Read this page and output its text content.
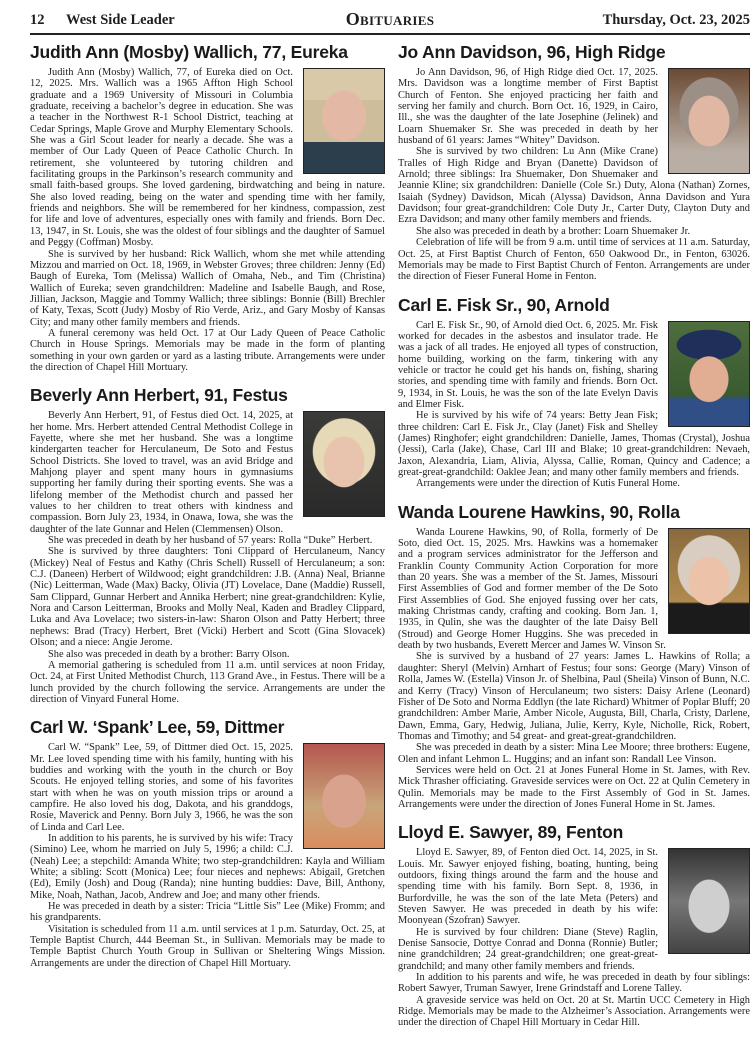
12 West Side Leader	Obituaries	Thursday, Oct. 23, 2025
Judith Ann (Mosby) Wallich, 77, Eureka

Judith Ann (Mosby) Wallich, 77, of Eureka died on Oct. 12, 2025. Mrs. Wallich was a 1965 Affton High School graduate and a 1969 University of Missouri in Columbia graduate, receiving a bachelor’s degree in education. She was a teacher in the Northwest R-1 School District, teaching at Cedar Springs, Maple Grove and Murphy Elementary Schools. She was a Girl Scout leader for nearly a decade. She was a member of Our Lady Queen of Peace Catholic Church. In retirement, she volunteered by tutoring children and facilitating groups in the Parkinson’s research community and small faith-based groups. She loved gardening, birdwatching and being in nature. She also loved reading, being on the water and spending time with her family, friends and neighbors. She will be remembered for her kindness, compassion, zest for life and love of adventures, especially ones with family and friends. Born Dec. 13, 1947, in St. Louis, she was the oldest of four siblings and the daughter of Samuel and Peggy (Coffman) Mosby.

She is survived by her husband: Rick Wallich, whom she met while attending Mizzou and married on Oct. 18, 1969, in Webster Groves; three children: Jenny (Ed) Baugh of Eureka, Tom (Melissa) Wallich of Omaha, Neb., and Tim (Christina) Wallich of Eureka; seven grandchildren: Madeline and Isabelle Baugh, and Rose, Jillian, Jackson, Maggie and Tommy Wallich; three siblings: Bonnie (Bill) Brechler of Katy, Texas, Scott (Judy) Mosby of Rio Verde, Ariz., and Gary Mosby of Kansas City; and many other family members and friends.

A funeral ceremony was held Oct. 17 at Our Lady Queen of Peace Catholic Church in House Springs. Memorials may be made in the form of planting something in your own garden or yard as a lasting tribute. Arrangements were under the direction of Chapel Hill Mortuary.

Beverly Ann Herbert, 91, Festus

Beverly Ann Herbert, 91, of Festus died Oct. 14, 2025, at her home. Mrs. Herbert attended Central Methodist College in Fayette, where she met her husband. She was a longtime kindergarten teacher for Herculaneum, De Soto and Festus School Districts. She loved to travel, was an avid Bridge and Mahjong player and spent many hours in gymnasiums supporting her family during their sporting events. She was a lifelong member of the Methodist church and passed her values to her children to treat others with kindness and compassion. Born July 23, 1934, in Onawa, Iowa, she was the daughter of the late Gunnar and Helen (Clemmensen) Olson.

She was preceded in death by her husband of 57 years: Rolla “Duke” Herbert.

She is survived by three daughters: Toni Clippard of Herculaneum, Nancy (Mickey) Neal of Festus and Kathy (Chris Schell) Russell of Herculaneum; a son: C.J. (Daneen) Herbert of Wildwood; eight grandchildren: J.B. (Anna) Neal, Brianne (Nic) Leitterman, Wade (Max) Backy, Olivia (JT) Lovelace, Dane (Maddie) Russell, Sam Clippard, Gunnar Herbert and Annika Herbert; nine great-grandchildren: Kylie, Nora and Carson Leitterman, Brooks and Molly Neal, Kaden and Bradley Clippard, Luka and Ava Lovelace; two sisters-in-law: Sharon Olson and Patty Herbert; three nephews: Brad (Tracy) Herbert, Bret (Vicki) Herbert and Scott (Gina Slovacek) Olson; and a niece: Angie Jerome.

She also was preceded in death by a brother: Barry Olson.

A memorial gathering is scheduled from 11 a.m. until services at noon Friday, Oct. 24, at First United Methodist Church, 113 Grand Ave., in Festus. There will be a lunch provided by the church following the service. Arrangements are under the direction of Vinyard Funeral Home.

Carl W. ‘Spank’ Lee, 59, Dittmer

Carl W. “Spank” Lee, 59, of Dittmer died Oct. 15, 2025. Mr. Lee loved spending time with his family, hunting with his buddies and working with the youth in the church or Boy Scouts. He enjoyed telling stories, and some of his favorites start with when he was on youth mission trips or around a campfire. He also loved his dog, Dakota, and his granddogs, Rosie, Maverick and Penny. Born July 3, 1966, he was the son of Linda and Carl Lee.

In addition to his parents, he is survived by his wife: Tracy (Simino) Lee, whom he married on July 5, 1996; a child: C.J. (Neah) Lee; a stepchild: Amanda White; two step-grandchildren: Kayla and William White; a sibling: Scott (Monica) Lee; four nieces and nephews: Abigail, Gretchen (Ed), Emily (Josh) and Doug (Randa); nine hunting buddies: Dave, Bill, Anthony, Mike, Noah, Nathan, Jacob, Andrew and Joe; and many other friends.

He was preceded in death by a sister: Tricia “Little Sis” Lee (Mike) Fromm; and his grandparents.

Visitation is scheduled from 11 a.m. until services at 1 p.m. Saturday, Oct. 25, at Temple Baptist Church, 444 Beeman St., in Sullivan. Memorials may be made to Temple Baptist Church Youth Group in Sullivan or Sheltering Wings Mission. Arrangements are under the direction of Chapel Hill Mortuary.

Jo Ann Davidson, 96, High Ridge

Jo Ann Davidson, 96, of High Ridge died Oct. 17, 2025. Mrs. Davidson was a longtime member of First Baptist Church of Fenton. She enjoyed practicing her faith and serving her family and church. Born Oct. 16, 1929, in Cairo, Ill., she was the daughter of the late Josephine (Jelinek) and Loarn Shuemaker Sr. She was preceded in death by her husband of 61 years: James “Whitey” Davidson.

She is survived by two children: Lu Ann (Mike Crane) Tralles of High Ridge and Bryan (Danette) Davidson of Arnold; three siblings: Ira Shuemaker, Don Shuemaker and Jeannie Kline; six grandchildren: Danielle (Cole Sr.) Duty, Alona (Nathan) Zornes, Isaiah (Sydney) Davidson, Micah (Alyssa) Davidson, Anna Davidson and Yura Davidson; four great-grandchildren: Cole Duty Jr., Carter Duty, Clayton Duty and Ezra Davidson; and many other family members and friends.

She also was preceded in death by a brother: Loarn Shuemaker Jr.

Celebration of life will be from 9 a.m. until time of services at 11 a.m. Saturday, Oct. 25, at First Baptist Church of Fenton, 650 Oakwood Dr., in Fenton, 63026. Memorials may be made to First Baptist Church of Fenton. Arrangements are under the direction of Fieser Funeral Home in Fenton.

Carl E. Fisk Sr., 90, Arnold

Carl E. Fisk Sr., 90, of Arnold died Oct. 6, 2025. Mr. Fisk worked for decades in the asbestos and insulator trade. He was a jack of all trades. He enjoyed all types of construction, home building, working on the farm, tinkering with any vehicle or tractor he could get his hands on, fishing, sharing stories, and spending time with family and friends. Born Oct. 9, 1934, in St. Louis, he was the son of the late Evelyn Davis and Elmer Fisk.

He is survived by his wife of 74 years: Betty Jean Fisk; three children: Carl E. Fisk Jr., Clay (Janet) Fisk and Shelley (James) Ringhofer; eight grandchildren: Danielle, James, Thomas (Crystal), Joshua (Jessi), Carla (Jake), Chase, Carl III and Blake; 10 great-grandchildren: Nevaeh, Jaxon, Alexandria, Liam, Alivia, Alyssa, Callie, Roman, Quincy and Cadence; a great-great-grandchild: Oaklee Jean; and many other family members and friends.

Arrangements were under the direction of Kutis Funeral Home.

Wanda Lourene Hawkins, 90, Rolla

Wanda Lourene Hawkins, 90, of Rolla, formerly of De Soto, died Oct. 15, 2025. Mrs. Hawkins was a homemaker and a program services administrator for the Jefferson and Franklin County Community Action Corporation for more than 20 years. She was a member of the St. James, Missouri First Assemblies of God and former member of the De Soto First Assemblies of God. She enjoyed fussing over her cats, making Christmas candy, crafting and cooking. Born Jan. 1, 1935, in Qulin, she was the daughter of the late Daisy Bell (Stroud) and George Homer Huggins. She was preceded in death by two husbands, Everett Mercer and James W. Vinson Sr.

She is survived by a husband of 27 years: James L. Hawkins of Rolla; a daughter: Sheryl (Melvin) Arnhart of Festus; four sons: George (Mary) Vinson of Rolla, James W. (Estella) Vinson Jr. of Shelbina, Paul (Sheila) Vinson of Bunn, N.C. and Kerry (Tracy) Vinson of Herculaneum; two sisters: Daisy Arlene (Leonard) Fisher of De Soto and Norma Eddlyn (the late Richard) Whitmer of Poplar Bluff; 20 grandchildren: Amber Marie, Amber Nicole, Augusta, Bill, Charla, Cristy, Darlene, Dawn, Emma, Gary, Hedwig, Juliana, Julie, Kerry, Kyle, Nicholle, Rick, Robert, Thomas and Timothy; and 54 great- and great-great-grandchildren.

She was preceded in death by a sister: Mina Lee Moore; three brothers: Eugene, Olen and infant Lehmon L. Huggins; and an infant son: Randall Lee Vinson.

Services were held on Oct. 21 at Jones Funeral Home in St. James, with Rev. Mick Thrasher officiating. Graveside services were on Oct. 22 at Qulin Cemetery in Qulin. Memorials may be made to the First Assembly of God in St. James. Arrangements were under the direction of Jones Funeral Home in St. James.

Lloyd E. Sawyer, 89, Fenton

Lloyd E. Sawyer, 89, of Fenton died Oct. 14, 2025, in St. Louis. Mr. Sawyer enjoyed fishing, boating, hunting, being outdoors, fixing things around the farm and the house and spending time with his family. Born Sept. 8, 1936, in Burfordville, he was the son of the late Meta (Peters) and Steven Sawyer. He was preceded in death by his wife: Moonyean (Szofran) Sawyer.

He is survived by four children: Diane (Steve) Raglin, Denise Sansocie, Dottye Conrad and Donna (Ronnie) Butler; nine grandchildren; 24 great-grandchildren; one great-great-grandchild; and many other family members and friends.

In addition to his parents and wife, he was preceded in death by four siblings: Robert Sawyer, Truman Sawyer, Irene Grindstaff and Lorene Talley.

A graveside service was held on Oct. 20 at St. Martin UCC Cemetery in High Ridge. Memorials may be made to the Alzheimer’s Association. Arrangements were under the direction of Chapel Hill Mortuary in Cedar Hill.
